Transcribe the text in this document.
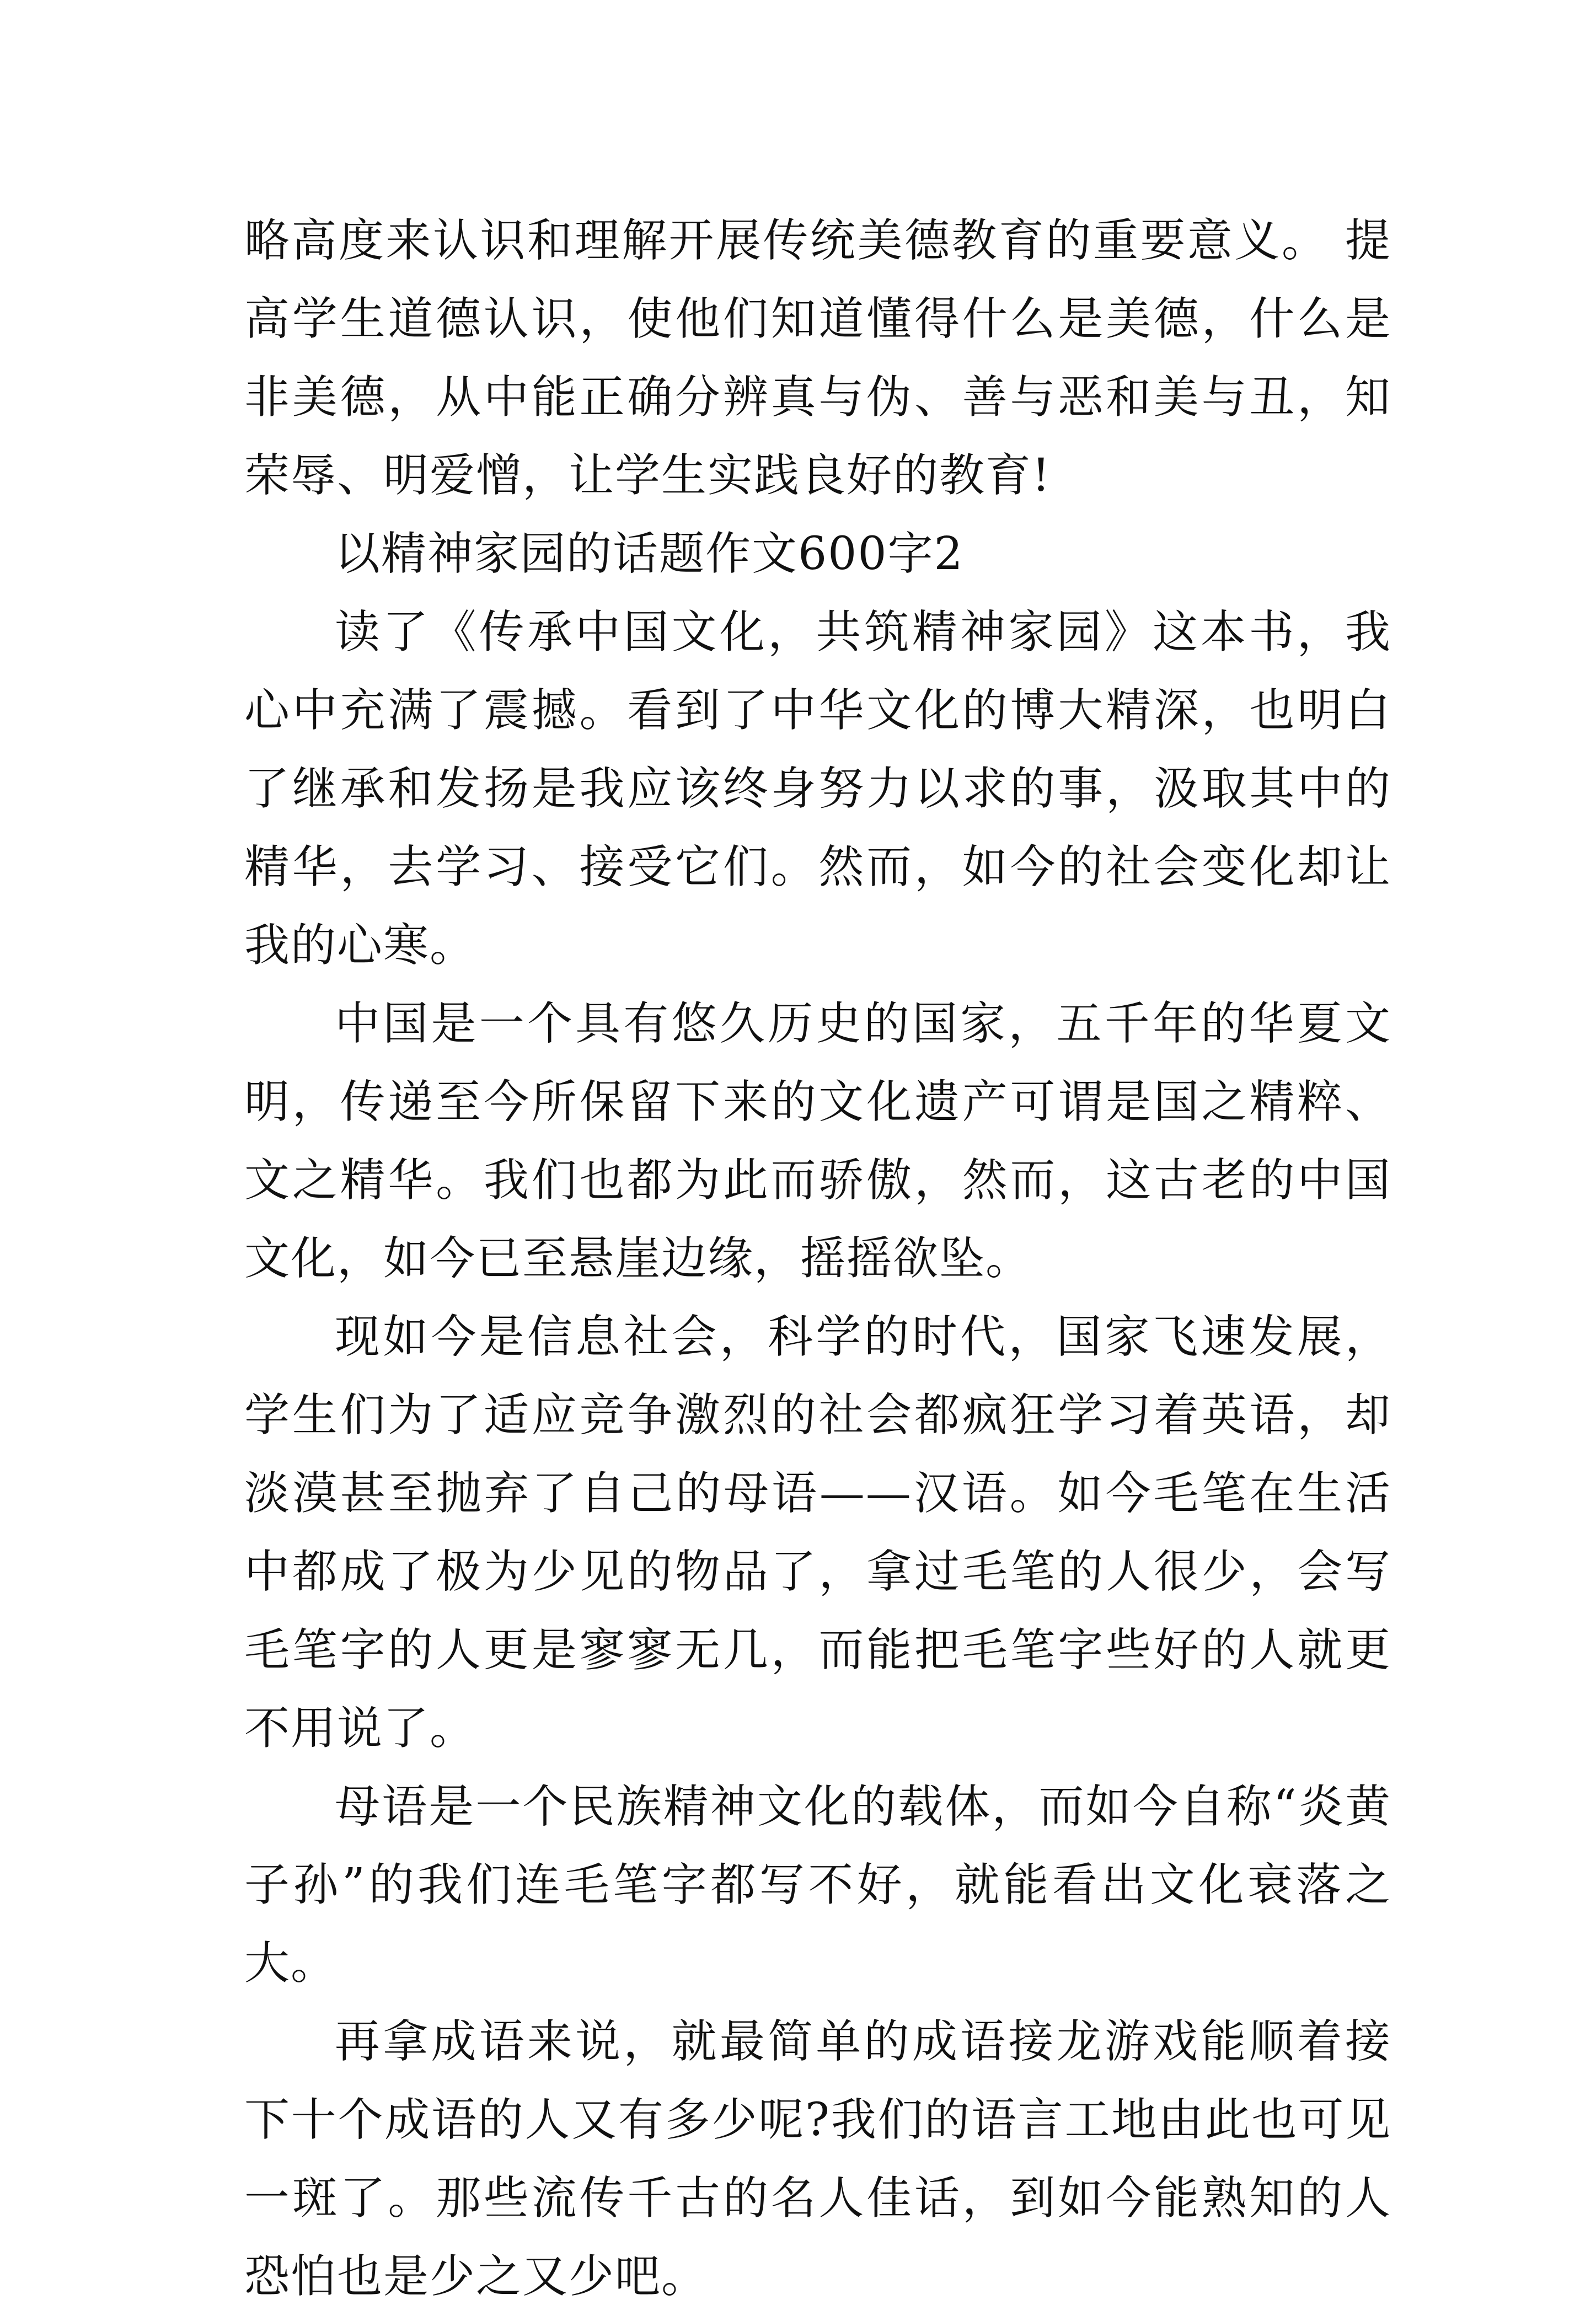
略高度来认识和理解开展传统美德教育的重要意义。 提高学生道德认识，使他们知道懂得什么是美德，什么是非美德，从中能正确分辨真与伪、善与恶和美与丑，知荣辱、明爱憎，让学生实践良好的教育!

以精神家园的话题作文600字2

读了《传承中国文化，共筑精神家园》这本书，我心中充满了震撼。看到了中华文化的博大精深，也明白了继承和发扬是我应该终身努力以求的事，汲取其中的精华，去学习、接受它们。然而，如今的社会变化却让我的心寒。

中国是一个具有悠久历史的国家，五千年的华夏文明，传递至今所保留下来的文化遗产可谓是国之精粹、文之精华。我们也都为此而骄傲，然而，这古老的中国文化，如今已至悬崖边缘，摇摇欲坠。

现如今是信息社会，科学的时代，国家飞速发展，学生们为了适应竞争激烈的社会都疯狂学习着英语，却淡漠甚至抛弃了自己的母语——汉语。如今毛笔在生活中都成了极为少见的物品了，拿过毛笔的人很少，会写毛笔字的人更是寥寥无几，而能把毛笔字些好的人就更不用说了。

母语是一个民族精神文化的载体，而如今自称“炎黄子孙”的我们连毛笔字都写不好，就能看出文化衰落之大。

再拿成语来说，就最简单的成语接龙游戏能顺着接下十个成语的人又有多少呢?我们的语言工地由此也可见一斑了。那些流传千古的名人佳话，到如今能熟知的人恐怕也是少之又少吧。
